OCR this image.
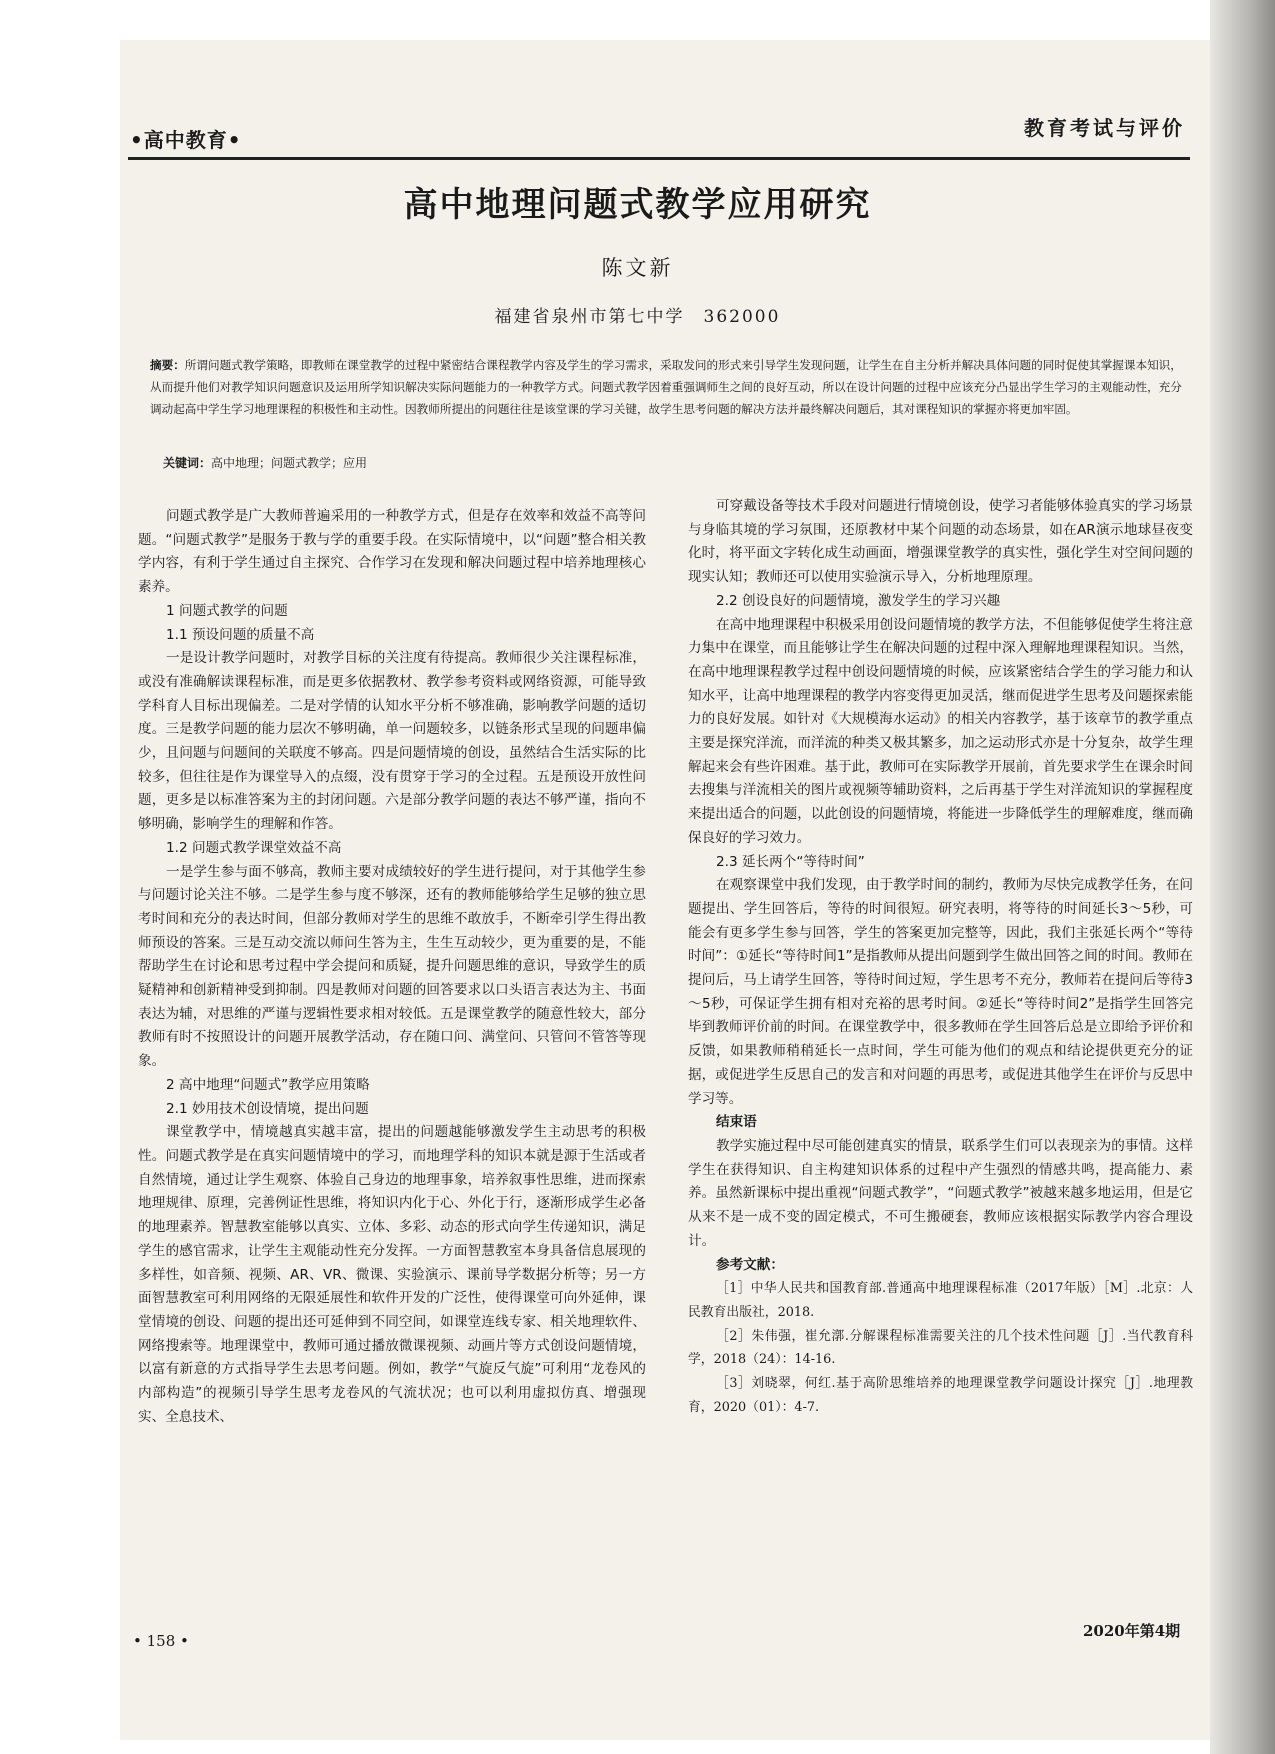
•高中教育•	教育考试与评价
高中地理问题式教学应用研究
陈文新
福建省泉州市第七中学　362000
摘要：所谓问题式教学策略，即教师在课堂教学的过程中紧密结合课程教学内容及学生的学习需求，采取发问的形式来引导学生发现问题，让学生在自主分析并解决具体问题的同时促使其掌握课本知识，从而提升他们对教学知识问题意识及运用所学知识解决实际问题能力的一种教学方式。问题式教学因着重强调师生之间的良好互动，所以在设计问题的过程中应该充分凸显出学生学习的主观能动性，充分调动起高中学生学习地理课程的积极性和主动性。因教师所提出的问题往往是该堂课的学习关键，故学生思考问题的解决方法并最终解决问题后，其对课程知识的掌握亦将更加牢固。
关键词：高中地理；问题式教学；应用

问题式教学是广大教师普遍采用的一种教学方式，但是存在效率和效益不高等问题。“问题式教学”是服务于教与学的重要手段。在实际情境中，以“问题”整合相关教学内容，有利于学生通过自主探究、合作学习在发现和解决问题过程中培养地理核心素养。

1 问题式教学的问题

1.1 预设问题的质量不高

一是设计教学问题时，对教学目标的关注度有待提高。教师很少关注课程标准，或没有准确解读课程标准，而是更多依据教材、教学参考资料或网络资源，可能导致学科育人目标出现偏差。二是对学情的认知水平分析不够准确，影响教学问题的适切度。三是教学问题的能力层次不够明确，单一问题较多，以链条形式呈现的问题串偏少，且问题与问题间的关联度不够高。四是问题情境的创设，虽然结合生活实际的比较多，但往往是作为课堂导入的点缀，没有贯穿于学习的全过程。五是预设开放性问题，更多是以标准答案为主的封闭问题。六是部分教学问题的表达不够严谨，指向不够明确，影响学生的理解和作答。

1.2 问题式教学课堂效益不高

一是学生参与面不够高，教师主要对成绩较好的学生进行提问，对于其他学生参与问题讨论关注不够。二是学生参与度不够深，还有的教师能够给学生足够的独立思考时间和充分的表达时间，但部分教师对学生的思维不敢放手，不断牵引学生得出教师预设的答案。三是互动交流以师问生答为主，生生互动较少，更为重要的是，不能帮助学生在讨论和思考过程中学会提问和质疑，提升问题思维的意识，导致学生的质疑精神和创新精神受到抑制。四是教师对问题的回答要求以口头语言表达为主、书面表达为辅，对思维的严谨与逻辑性要求相对较低。五是课堂教学的随意性较大，部分教师有时不按照设计的问题开展教学活动，存在随口问、满堂问、只管问不管答等现象。

2 高中地理“问题式”教学应用策略

2.1 妙用技术创设情境，提出问题

课堂教学中，情境越真实越丰富，提出的问题越能够激发学生主动思考的积极性。问题式教学是在真实问题情境中的学习，而地理学科的知识本就是源于生活或者自然情境，通过让学生观察、体验自己身边的地理事象，培养叙事性思维，进而探索地理规律、原理，完善例证性思维，将知识内化于心、外化于行，逐渐形成学生必备的地理素养。智慧教室能够以真实、立体、多彩、动态的形式向学生传递知识，满足学生的感官需求，让学生主观能动性充分发挥。一方面智慧教室本身具备信息展现的多样性，如音频、视频、AR、VR、微课、实验演示、课前导学数据分析等；另一方面智慧教室可利用网络的无限延展性和软件开发的广泛性，使得课堂可向外延伸，课堂情境的创设、问题的提出还可延伸到不同空间，如课堂连线专家、相关地理软件、网络搜索等。地理课堂中，教师可通过播放微课视频、动画片等方式创设问题情境，以富有新意的方式指导学生去思考问题。例如，教学“气旋反气旋”可利用“龙卷风的内部构造”的视频引导学生思考龙卷风的气流状况；也可以利用虚拟仿真、增强现实、全息技术、

可穿戴设备等技术手段对问题进行情境创设，使学习者能够体验真实的学习场景与身临其境的学习氛围，还原教材中某个问题的动态场景，如在AR演示地球昼夜变化时，将平面文字转化成生动画面，增强课堂教学的真实性，强化学生对空间问题的现实认知；教师还可以使用实验演示导入，分析地理原理。

2.2 创设良好的问题情境，激发学生的学习兴趣

在高中地理课程中积极采用创设问题情境的教学方法，不但能够促使学生将注意力集中在课堂，而且能够让学生在解决问题的过程中深入理解地理课程知识。当然，在高中地理课程教学过程中创设问题情境的时候，应该紧密结合学生的学习能力和认知水平，让高中地理课程的教学内容变得更加灵活，继而促进学生思考及问题探索能力的良好发展。如针对《大规模海水运动》的相关内容教学，基于该章节的教学重点主要是探究洋流，而洋流的种类又极其繁多，加之运动形式亦是十分复杂，故学生理解起来会有些许困难。基于此，教师可在实际教学开展前，首先要求学生在课余时间去搜集与洋流相关的图片或视频等辅助资料，之后再基于学生对洋流知识的掌握程度来提出适合的问题，以此创设的问题情境，将能进一步降低学生的理解难度，继而确保良好的学习效力。

2.3 延长两个“等待时间”

在观察课堂中我们发现，由于教学时间的制约，教师为尽快完成教学任务，在问题提出、学生回答后，等待的时间很短。研究表明，将等待的时间延长3～5秒，可能会有更多学生参与回答，学生的答案更加完整等，因此，我们主张延长两个“等待时间”：①延长“等待时间1”是指教师从提出问题到学生做出回答之间的时间。教师在提问后，马上请学生回答，等待时间过短，学生思考不充分，教师若在提问后等待3～5秒，可保证学生拥有相对充裕的思考时间。②延长“等待时间2”是指学生回答完毕到教师评价前的时间。在课堂教学中，很多教师在学生回答后总是立即给予评价和反馈，如果教师稍稍延长一点时间，学生可能为他们的观点和结论提供更充分的证据，或促进学生反思自己的发言和对问题的再思考，或促进其他学生在评价与反思中学习等。

结束语

教学实施过程中尽可能创建真实的情景，联系学生们可以表现亲为的事情。这样学生在获得知识、自主构建知识体系的过程中产生强烈的情感共鸣，提高能力、素养。虽然新课标中提出重视“问题式教学”，“问题式教学”被越来越多地运用，但是它从来不是一成不变的固定模式，不可生搬硬套，教师应该根据实际教学内容合理设计。

参考文献：

［1］中华人民共和国教育部.普通高中地理课程标准（2017年版）［M］.北京：人民教育出版社，2018.

［2］朱伟强，崔允漷.分解课程标准需要关注的几个技术性问题［J］.当代教育科学，2018（24）：14-16.

［3］刘晓翠，何红.基于高阶思维培养的地理课堂教学问题设计探究［J］.地理教育，2020（01）：4-7.

• 158 •
2020年第4期
